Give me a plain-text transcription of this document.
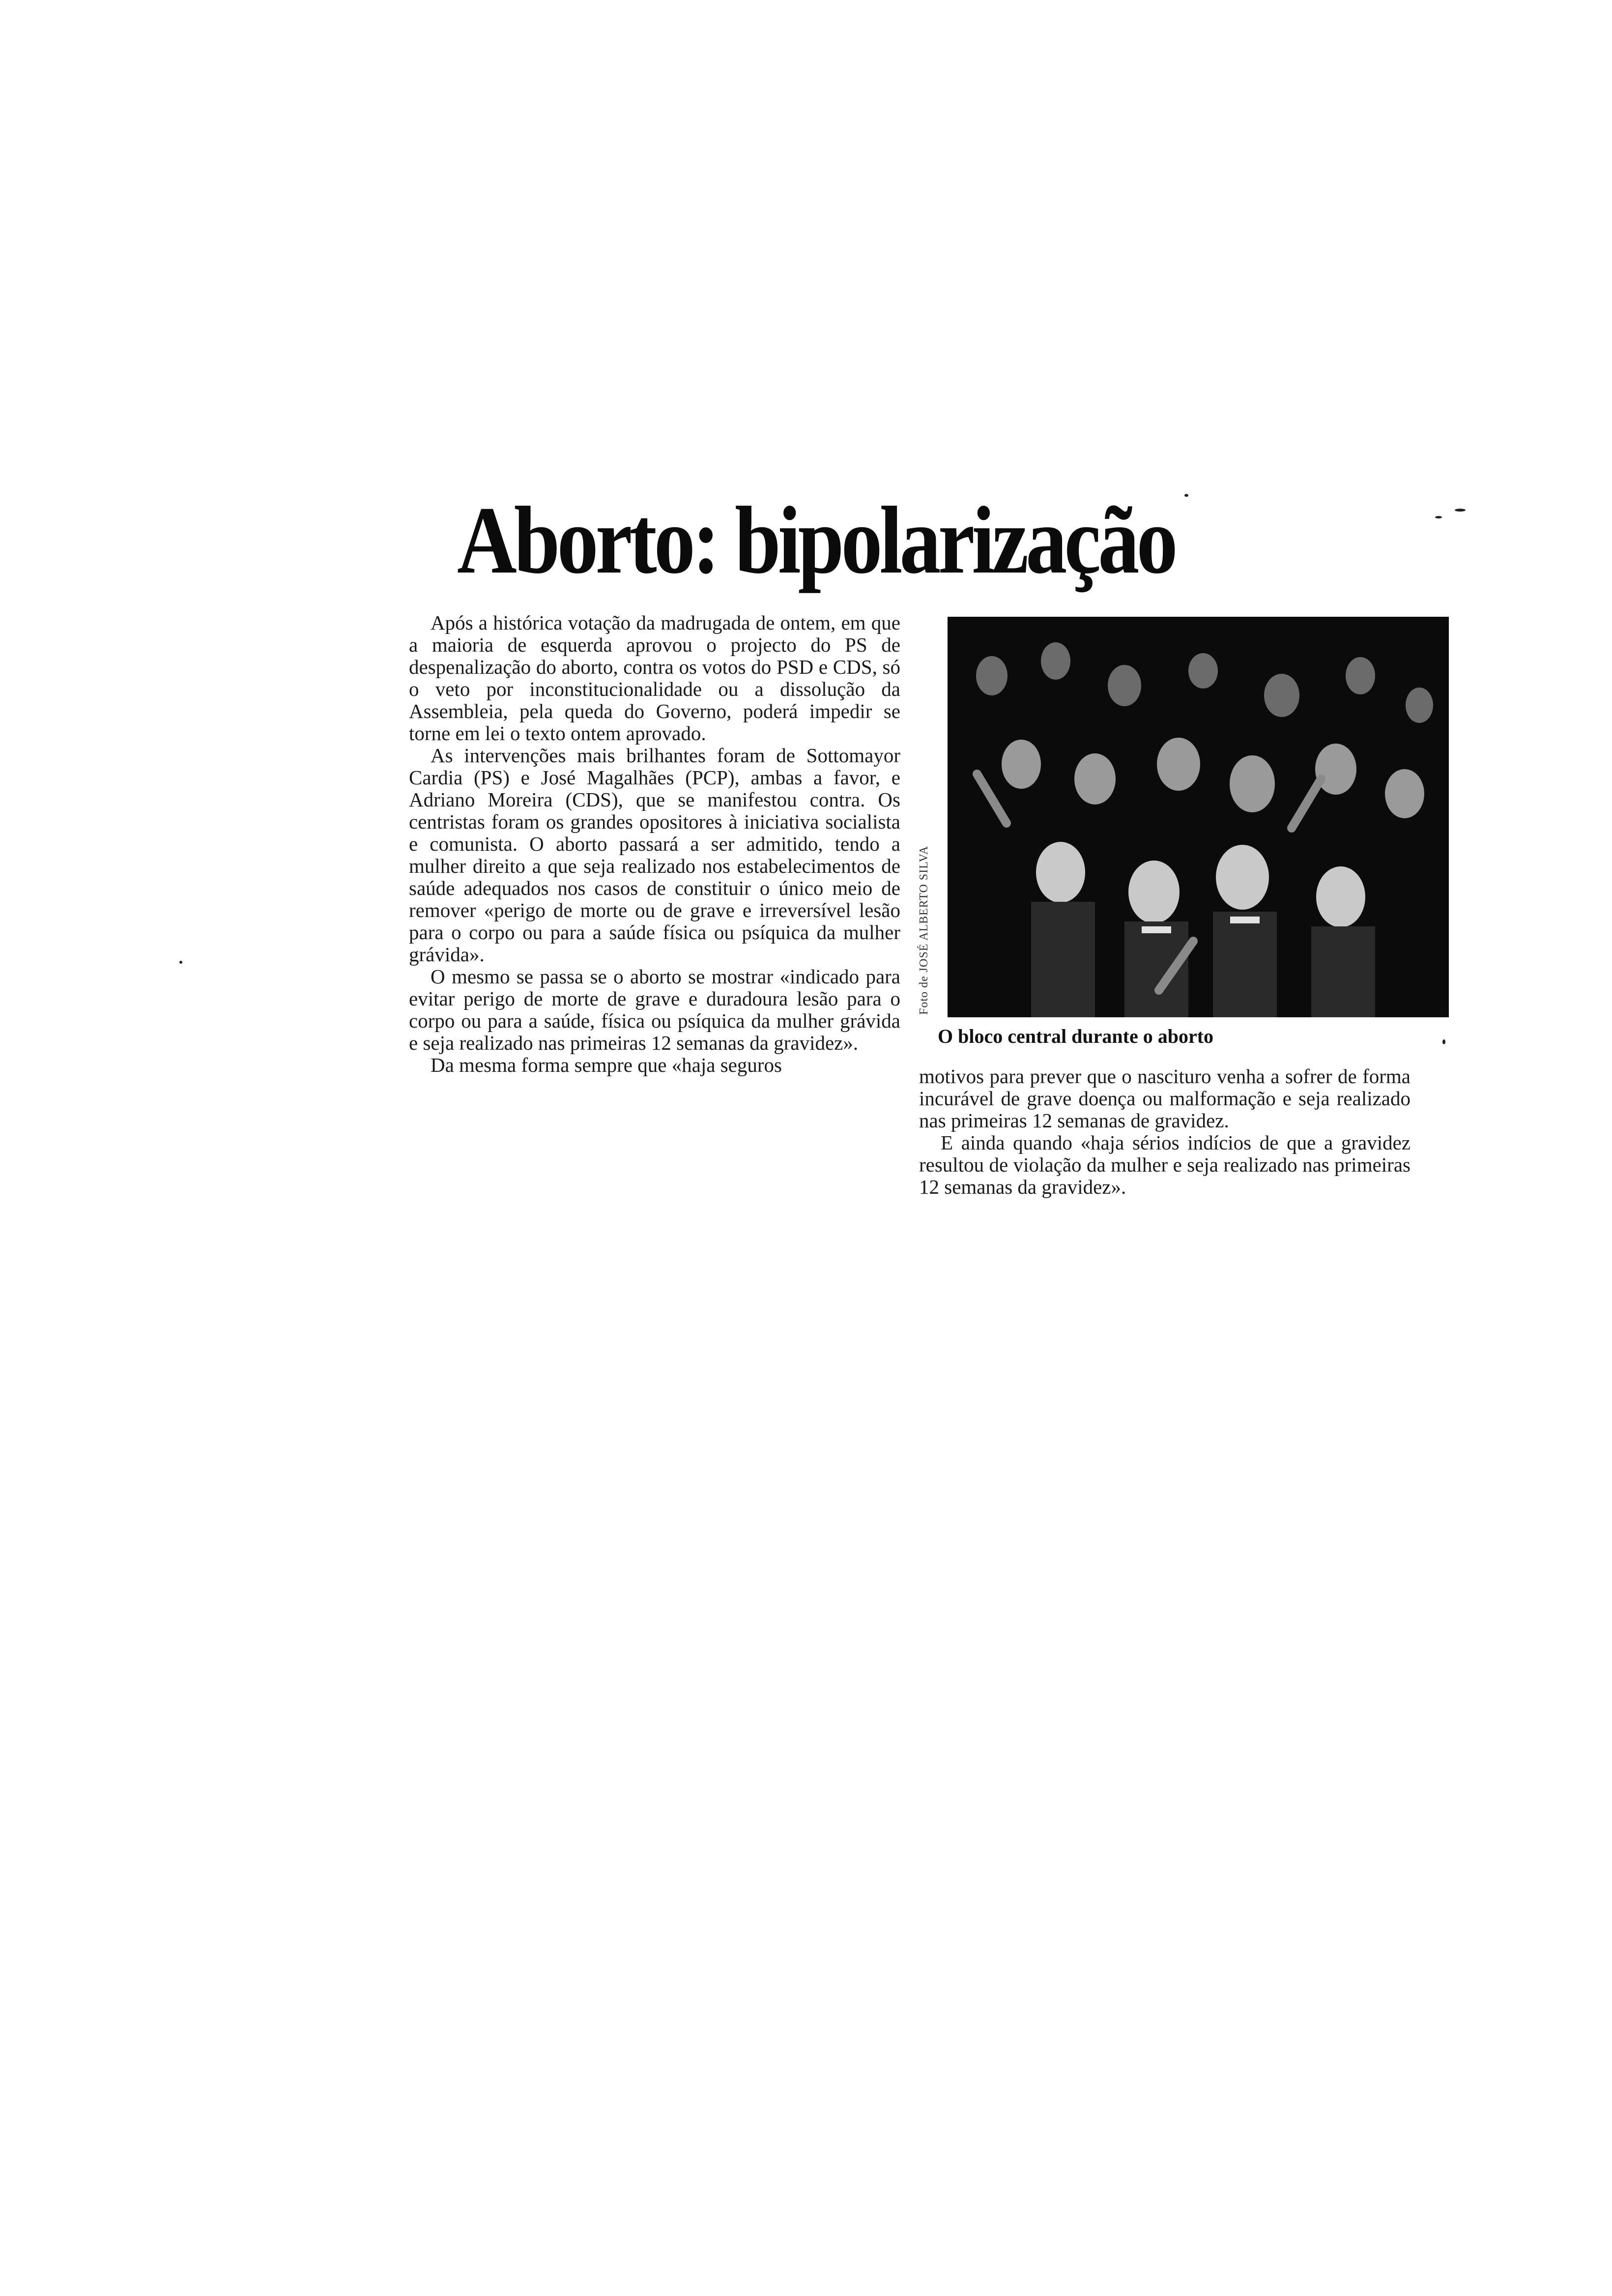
Aborto: bipolarização

Após a histórica votação da madrugada de ontem, em que a maioria de esquerda aprovou o projecto do PS de despenalização do aborto, contra os votos do PSD e CDS, só o veto por inconstitucionalidade ou a dissolução da Assembleia, pela queda do Governo, poderá impedir se torne em lei o texto ontem aprovado.

As intervenções mais brilhantes foram de Sottomayor Cardia (PS) e José Magalhães (PCP), ambas a favor, e Adriano Moreira (CDS), que se manifestou contra. Os centristas foram os grandes opositores à iniciativa socialista e comunista. O aborto passará a ser admitido, tendo a mulher direito a que seja realizado nos estabelecimentos de saúde adequados nos casos de constituir o único meio de remover «perigo de morte ou de grave e irreversível lesão para o corpo ou para a saúde física ou psíquica da mulher grávida».

O mesmo se passa se o aborto se mostrar «indicado para evitar perigo de morte de grave e duradoura lesão para o corpo ou para a saúde, física ou psíquica da mulher grávida e seja realizado nas primeiras 12 semanas da gravidez».

Da mesma forma sempre que «haja seguros

Foto de JOSÉ ALBERTO SILVA

O bloco central durante o aborto

motivos para prever que o nascituro venha a sofrer de forma incurável de grave doença ou malformação e seja realizado nas primeiras 12 semanas de gravidez.

E ainda quando «haja sérios indícios de que a gravidez resultou de violação da mulher e seja realizado nas primeiras 12 semanas da gravidez».
